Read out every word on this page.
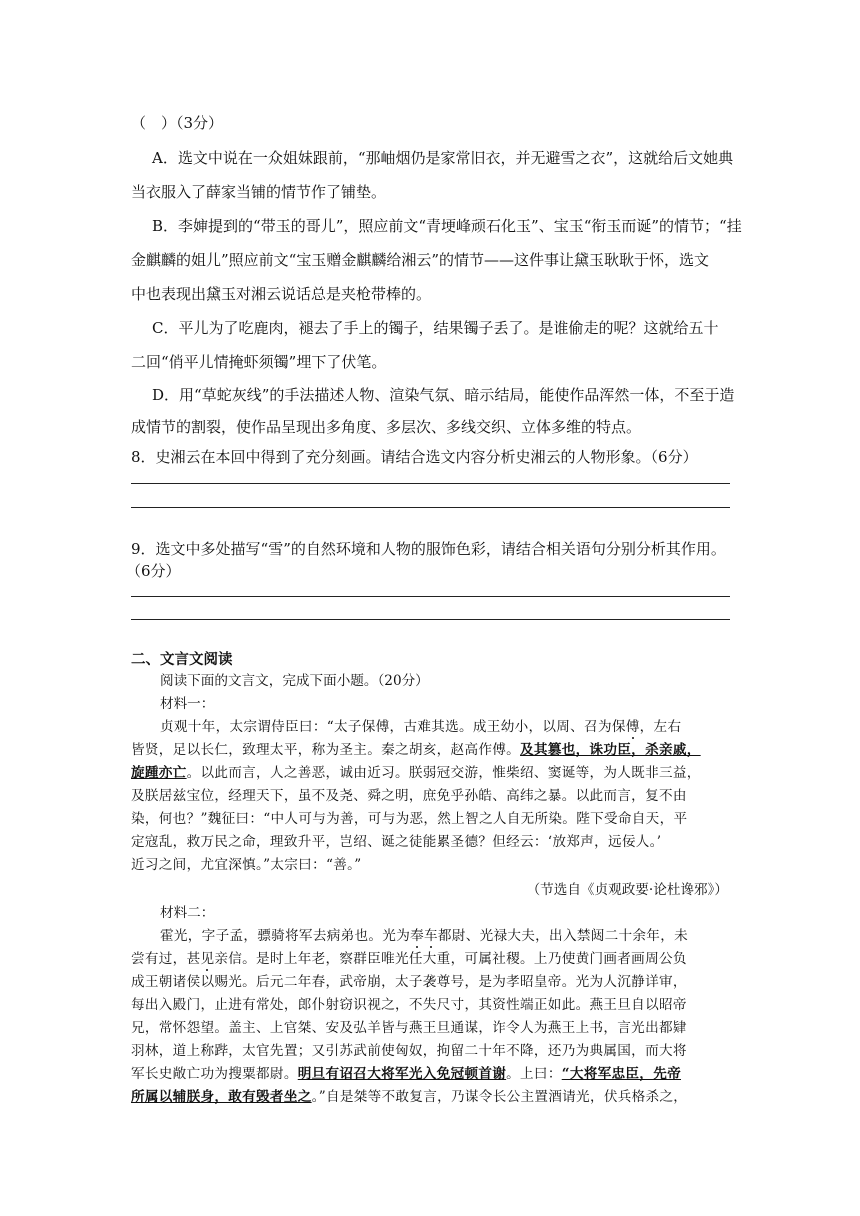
（　）（3分）
A．选文中说在一众姐妹跟前，“那岫烟仍是家常旧衣，并无避雪之衣”，这就给后文她典
当衣服入了薛家当铺的情节作了铺垫。
B．李婶提到的“带玉的哥儿”，照应前文“青埂峰顽石化玉”、宝玉“衔玉而诞”的情节；“挂
金麒麟的姐儿”照应前文“宝玉赠金麒麟给湘云”的情节——这件事让黛玉耿耿于怀，选文
中也表现出黛玉对湘云说话总是夹枪带棒的。
C．平儿为了吃鹿肉，褪去了手上的镯子，结果镯子丢了。是谁偷走的呢？这就给五十
二回“俏平儿情掩虾须镯”埋下了伏笔。
D．用“草蛇灰线”的手法描述人物、渲染气氛、暗示结局，能使作品浑然一体，不至于造
成情节的割裂，使作品呈现出多角度、多层次、多线交织、立体多维的特点。
8．史湘云在本回中得到了充分刻画。请结合选文内容分析史湘云的人物形象。（6分）
9．选文中多处描写“雪”的自然环境和人物的服饰色彩，请结合相关语句分别分析其作用。
（6分）
二、文言文阅读
阅读下面的文言文，完成下面小题。（20分）
材料一：
贞观十年，太宗谓侍臣曰：“太子保傅，古难其选。成王幼小，以周、召为保傅，左右
皆贤，足以长仁，致理太平，称为圣主。秦之胡亥，赵高作傅。及其篡也，诛功臣，杀亲戚，
旋踵亦亡。以此而言，人之善恶，诚由近习。朕弱冠交游，惟柴绍、窦诞等，为人既非三益，
及朕居兹宝位，经理天下，虽不及尧、舜之明，庶免乎孙皓、高纬之暴。以此而言，复不由
染，何也？”魏征曰：“中人可与为善，可与为恶，然上智之人自无所染。陛下受命自天，平
定寇乱，救万民之命，理致升平，岂绍、诞之徒能累圣德？但经云：‘放郑声，远佞人。’
近习之间，尤宜深慎。”太宗曰：“善。”
（节选自《贞观政要·论杜谗邪》）
材料二：
霍光，字子孟，骠骑将军去病弟也。光为奉车都尉、光禄大夫，出入禁闼二十余年，未
尝有过，甚见亲信。是时上年老，察群臣唯光任大重，可属社稷。上乃使黄门画者画周公负
成王朝诸侯以赐光。后元二年春，武帝崩，太子袭尊号，是为孝昭皇帝。光为人沉静详审，
每出入殿门，止进有常处，郎仆射窃识视之，不失尺寸，其资性端正如此。燕王旦自以昭帝
兄，常怀怨望。盖主、上官桀、安及弘羊皆与燕王旦通谋，诈令人为燕王上书，言光出都肄
羽林，道上称跸，太官先置；又引苏武前使匈奴，拘留二十年不降，还乃为典属国，而大将
军长史敞亡功为搜粟都尉。明旦有诏召大将军光入免冠顿首谢。上曰：“大将军忠臣，先帝
所属以辅朕身，敢有毁者坐之。”自是桀等不敢复言，乃谋令长公主置酒请光，伏兵格杀之，
